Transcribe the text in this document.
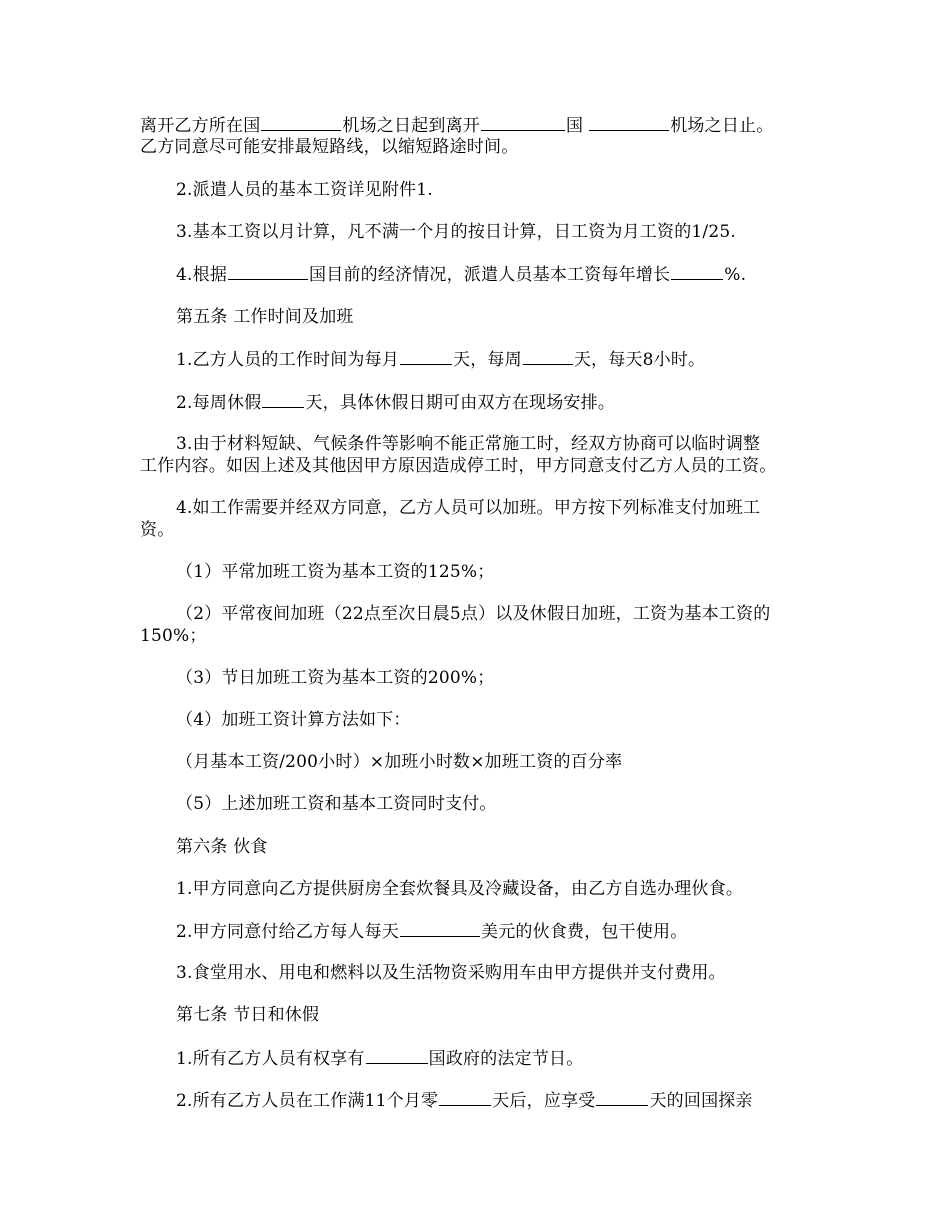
离开乙方所在国	机场之日起到离开	国	机场之日止。
乙方同意尽可能安排最短路线，以缩短路途时间。
2.派遣人员的基本工资详见附件1.
3.基本工资以月计算，凡不满一个月的按日计算，日工资为月工资的1/25.
4.根据	国目前的经济情况，派遣人员基本工资每年增长	%.
第五条 工作时间及加班
1.乙方人员的工作时间为每月	天，每周	天，每天8小时。
2.每周休假	天，具体休假日期可由双方在现场安排。
3.由于材料短缺、气候条件等影响不能正常施工时，经双方协商可以临时调整
工作内容。如因上述及其他因甲方原因造成停工时，甲方同意支付乙方人员的工资。
4.如工作需要并经双方同意，乙方人员可以加班。甲方按下列标准支付加班工
资。
（1）平常加班工资为基本工资的125%；
（2）平常夜间加班（22点至次日晨5点）以及休假日加班，工资为基本工资的
150%；
（3）节日加班工资为基本工资的200%；
（4）加班工资计算方法如下：
（月基本工资/200小时）×加班小时数×加班工资的百分率
（5）上述加班工资和基本工资同时支付。
第六条 伙食
1.甲方同意向乙方提供厨房全套炊餐具及冷藏设备，由乙方自选办理伙食。
2.甲方同意付给乙方每人每天	美元的伙食费，包干使用。
3.食堂用水、用电和燃料以及生活物资采购用车由甲方提供并支付费用。
第七条 节日和休假
1.所有乙方人员有权享有	国政府的法定节日。
2.所有乙方人员在工作满11个月零	天后，应享受	天的回国探亲
